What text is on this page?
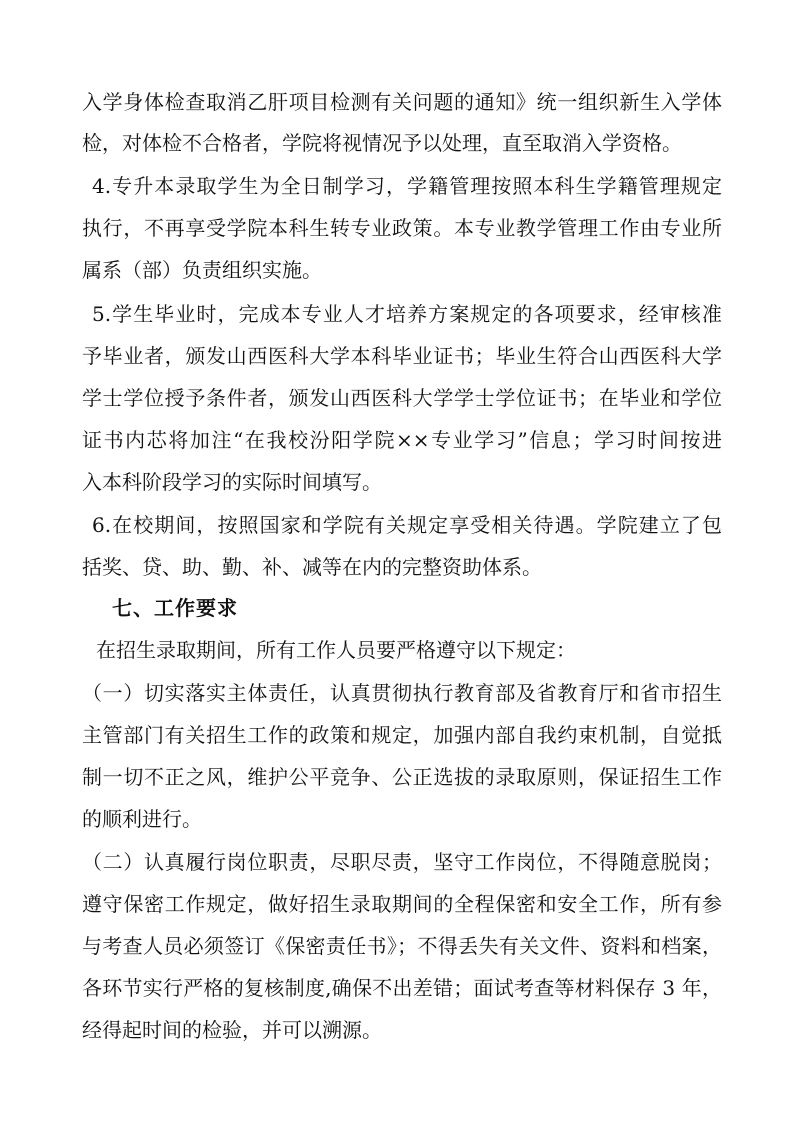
入学身体检查取消乙肝项目检测有关问题的通知》统一组织新生入学体
检，对体检不合格者，学院将视情况予以处理，直至取消入学资格。
4.专升本录取学生为全日制学习，学籍管理按照本科生学籍管理规定
执行，不再享受学院本科生转专业政策。本专业教学管理工作由专业所
属系（部）负责组织实施。
5.学生毕业时，完成本专业人才培养方案规定的各项要求，经审核准
予毕业者，颁发山西医科大学本科毕业证书；毕业生符合山西医科大学
学士学位授予条件者，颁发山西医科大学学士学位证书；在毕业和学位
证书内芯将加注“在我校汾阳学院××专业学习”信息；学习时间按进
入本科阶段学习的实际时间填写。
6.在校期间，按照国家和学院有关规定享受相关待遇。学院建立了包
括奖、贷、助、勤、补、减等在内的完整资助体系。
七、工作要求
在招生录取期间，所有工作人员要严格遵守以下规定：
（一）切实落实主体责任，认真贯彻执行教育部及省教育厅和省市招生
主管部门有关招生工作的政策和规定，加强内部自我约束机制，自觉抵
制一切不正之风，维护公平竞争、公正选拔的录取原则，保证招生工作
的顺利进行。
（二）认真履行岗位职责，尽职尽责，坚守工作岗位，不得随意脱岗；
遵守保密工作规定，做好招生录取期间的全程保密和安全工作，所有参
与考查人员必须签订《保密责任书》；不得丢失有关文件、资料和档案，
各环节实行严格的复核制度,确保不出差错；面试考查等材料保存 3 年，
经得起时间的检验，并可以溯源。
